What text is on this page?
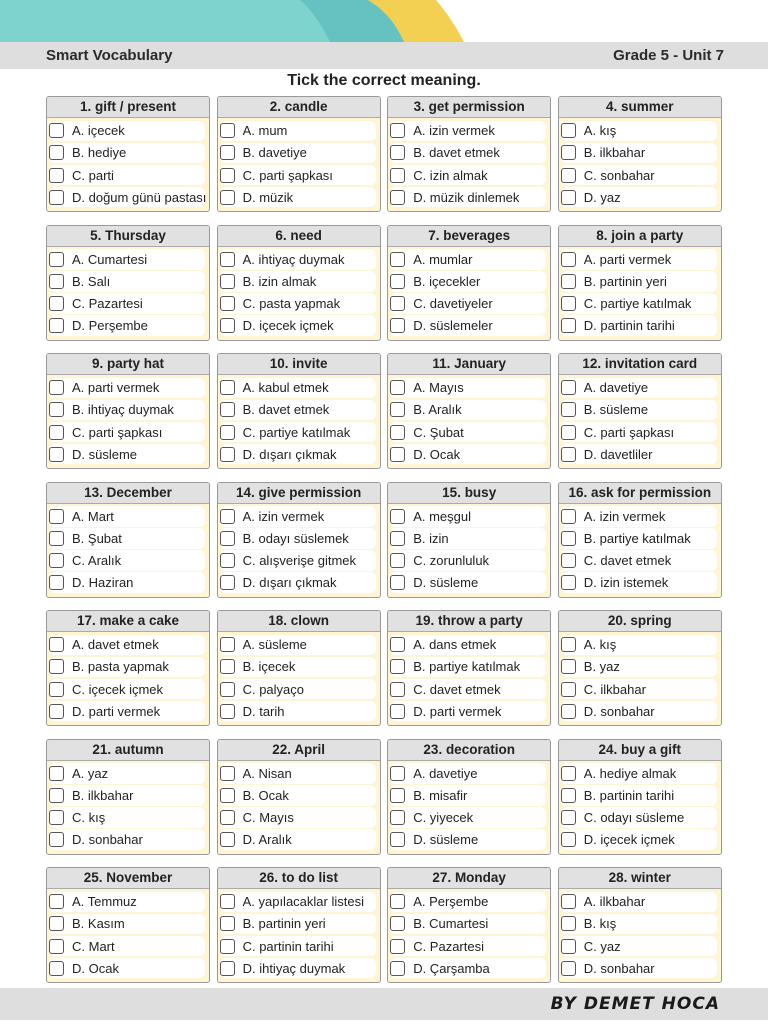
Smart Vocabulary	Grade 5 - Unit 7
Tick the correct meaning.
1. gift / present
A. içecek
B. hediye
C. parti
D. doğum günü pastası
2. candle
A. mum
B. davetiye
C. parti şapkası
D. müzik
3. get permission
A. izin vermek
B. davet etmek
C. izin almak
D. müzik dinlemek
4. summer
A. kış
B. ilkbahar
C. sonbahar
D. yaz
5. Thursday
A. Cumartesi
B. Salı
C. Pazartesi
D. Perşembe
6. need
A. ihtiyaç duymak
B. izin almak
C. pasta yapmak
D. içecek içmek
7. beverages
A. mumlar
B. içecekler
C. davetiyeler
D. süslemeler
8. join a party
A. parti vermek
B. partinin yeri
C. partiye katılmak
D. partinin tarihi
9. party hat
A. parti vermek
B. ihtiyaç duymak
C. parti şapkası
D. süsleme
10. invite
A. kabul etmek
B. davet etmek
C. partiye katılmak
D. dışarı çıkmak
11. January
A. Mayıs
B. Aralık
C. Şubat
D. Ocak
12. invitation card
A. davetiye
B. süsleme
C. parti şapkası
D. davetliler
13. December
A. Mart
B. Şubat
C. Aralık
D. Haziran
14. give permission
A. izin vermek
B. odayı süslemek
C. alışverişe gitmek
D. dışarı çıkmak
15. busy
A. meşgul
B. izin
C. zorunluluk
D. süsleme
16. ask for permission
A. izin vermek
B. partiye katılmak
C. davet etmek
D. izin istemek
17. make a cake
A. davet etmek
B. pasta yapmak
C. içecek içmek
D. parti vermek
18. clown
A. süsleme
B. içecek
C. palyaço
D. tarih
19. throw a party
A. dans etmek
B. partiye katılmak
C. davet etmek
D. parti vermek
20. spring
A. kış
B. yaz
C. ilkbahar
D. sonbahar
21. autumn
A. yaz
B. ilkbahar
C. kış
D. sonbahar
22. April
A. Nisan
B. Ocak
C. Mayıs
D. Aralık
23. decoration
A. davetiye
B. misafir
C. yiyecek
D. süsleme
24. buy a gift
A. hediye almak
B. partinin tarihi
C. odayı süsleme
D. içecek içmek
25. November
A. Temmuz
B. Kasım
C. Mart
D. Ocak
26. to do list
A. yapılacaklar listesi
B. partinin yeri
C. partinin tarihi
D. ihtiyaç duymak
27. Monday
A. Perşembe
B. Cumartesi
C. Pazartesi
D. Çarşamba
28. winter
A. ilkbahar
B. kış
C. yaz
D. sonbahar
BY DEMET HOCA
